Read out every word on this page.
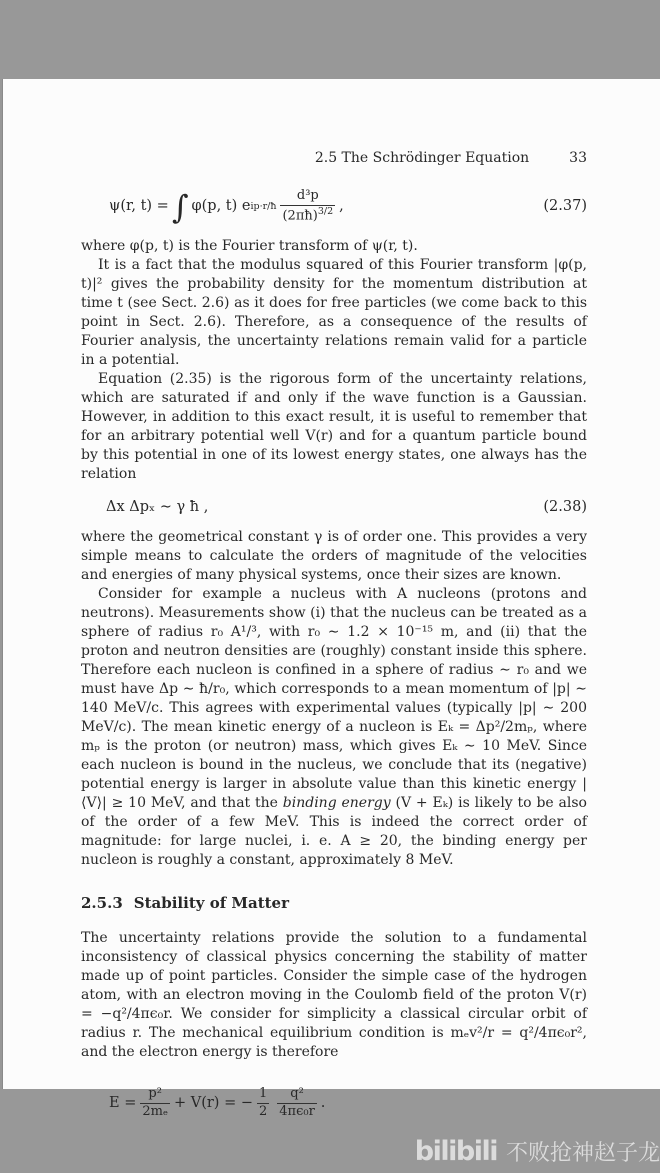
2.5 The Schrödinger Equation	33
ψ(r, t) = ∫ φ(p, t) e ip·r/ħ $\frac{\text{d³p}}{(2\pi ħ)^{3/2}}$ ,	(2.37)

where φ(p, t) is the Fourier transform of ψ(r, t).

It is a fact that the modulus squared of this Fourier transform |φ(p, t)|² gives the probability density for the momentum distribution at time t (see Sect. 2.6) as it does for free particles (we come back to this point in Sect. 2.6). Therefore, as a consequence of the results of Fourier analysis, the uncertainty relations remain valid for a particle in a potential.

Equation (2.35) is the rigorous form of the uncertainty relations, which are saturated if and only if the wave function is a Gaussian. However, in addition to this exact result, it is useful to remember that for an arbitrary potential well V(r) and for a quantum particle bound by this potential in one of its lowest energy states, one always has the relation

Δx Δpₓ ∼ γ ħ ,	(2.38)

where the geometrical constant γ is of order one. This provides a very simple means to calculate the orders of magnitude of the velocities and energies of many physical systems, once their sizes are known.

Consider for example a nucleus with A nucleons (protons and neutrons). Measurements show (i) that the nucleus can be treated as a sphere of radius r₀ A¹/³, with r₀ ∼ 1.2 × 10⁻¹⁵ m, and (ii) that the proton and neutron densities are (roughly) constant inside this sphere. Therefore each nucleon is confined in a sphere of radius ∼ r₀ and we must have Δp ∼ ħ/r₀, which corresponds to a mean momentum of |p| ∼ 140 MeV/c. This agrees with experimental values (typically |p| ∼ 200 MeV/c). The mean kinetic energy of a nucleon is Eₖ = Δp²/2mₚ, where mₚ is the proton (or neutron) mass, which gives Eₖ ∼ 10 MeV. Since each nucleon is bound in the nucleus, we conclude that its (negative) potential energy is larger in absolute value than this kinetic energy |⟨V⟩| ≥ 10 MeV, and that the binding energy (V + Eₖ) is likely to be also of the order of a few MeV. This is indeed the correct order of magnitude: for large nuclei, i. e. A ≥ 20, the binding energy per nucleon is roughly a constant, approximately 8 MeV.

2.5.3 Stability of Matter

The uncertainty relations provide the solution to a fundamental inconsistency of classical physics concerning the stability of matter made up of point particles. Consider the simple case of the hydrogen atom, with an electron moving in the Coulomb field of the proton V(r) = −q²/4πϵ₀r. We consider for simplicity a classical circular orbit of radius r. The mechanical equilibrium condition is mₑv²/r = q²/4πϵ₀r², and the electron energy is therefore

$E = \frac{\text{p²}}{\text{2mₑ}} + V(r)$ = − $\frac{1}{2} \frac{\text{q²}}{\text{4πϵ₀r}}$ .
bilibili 不败抢神赵子龙
